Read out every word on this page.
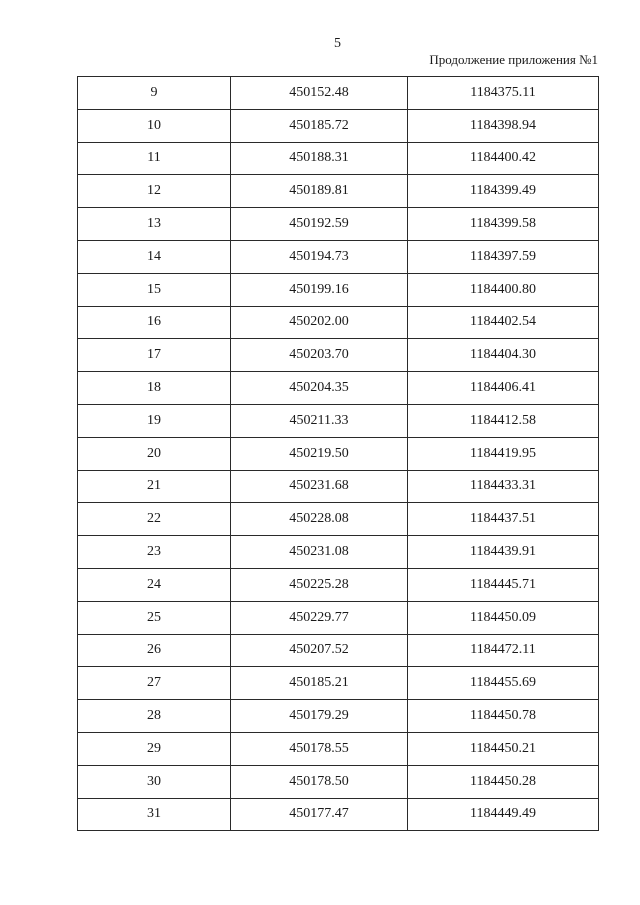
5
Продолжение приложения №1
9	450152.48	1184375.11
10	450185.72	1184398.94
11	450188.31	1184400.42
12	450189.81	1184399.49
13	450192.59	1184399.58
14	450194.73	1184397.59
15	450199.16	1184400.80
16	450202.00	1184402.54
17	450203.70	1184404.30
18	450204.35	1184406.41
19	450211.33	1184412.58
20	450219.50	1184419.95
21	450231.68	1184433.31
22	450228.08	1184437.51
23	450231.08	1184439.91
24	450225.28	1184445.71
25	450229.77	1184450.09
26	450207.52	1184472.11
27	450185.21	1184455.69
28	450179.29	1184450.78
29	450178.55	1184450.21
30	450178.50	1184450.28
31	450177.47	1184449.49
